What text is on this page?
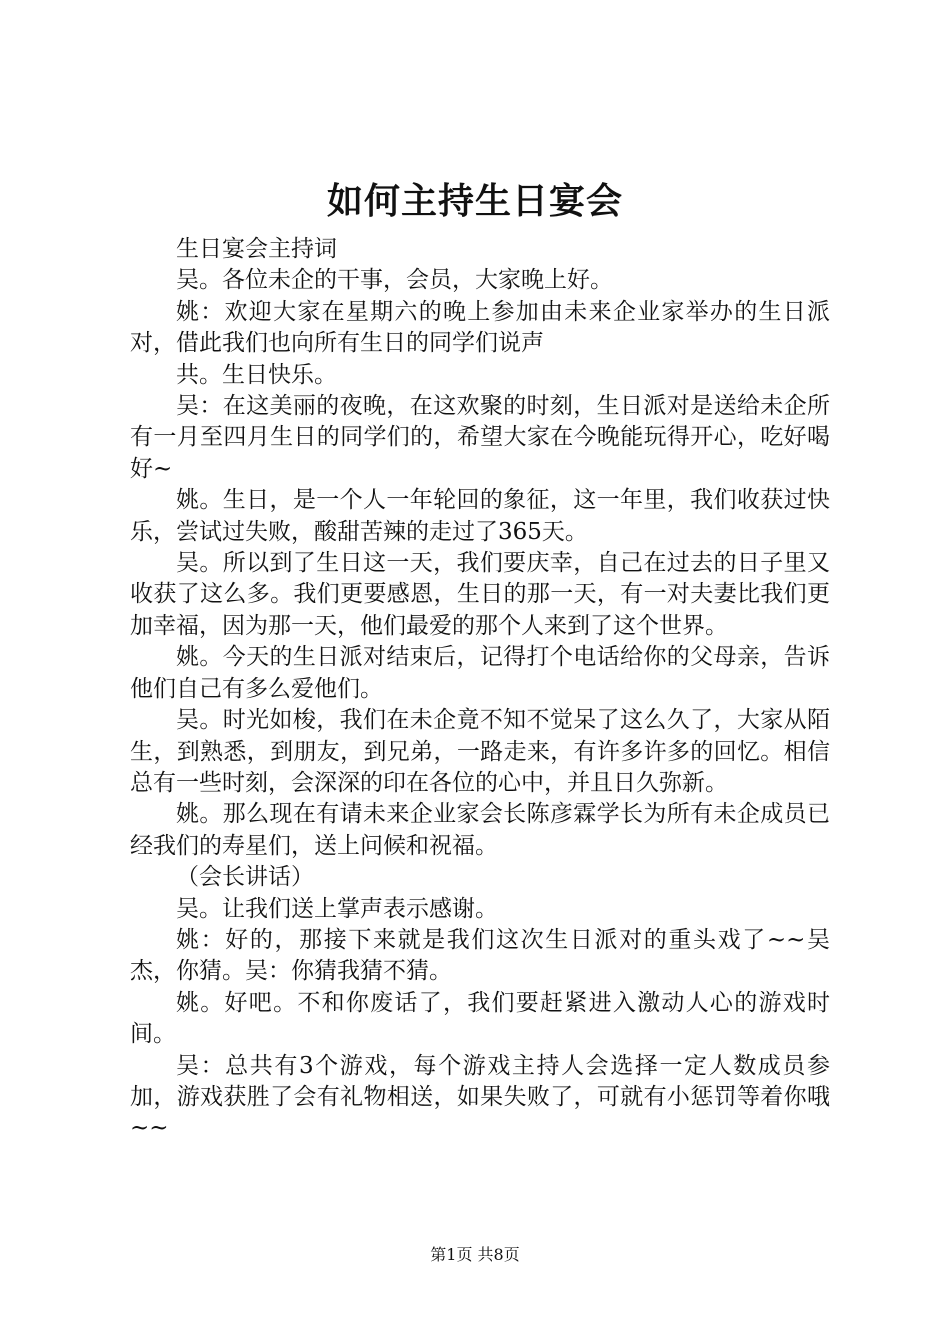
如何主持生日宴会

生日宴会主持词

吴。各位未企的干事，会员，大家晚上好。

姚：欢迎大家在星期六的晚上参加由未来企业家举办的生日派对，借此我们也向所有生日的同学们说声

共。生日快乐。

吴：在这美丽的夜晚，在这欢聚的时刻，生日派对是送给未企所有一月至四月生日的同学们的，希望大家在今晚能玩得开心，吃好喝好~

姚。生日，是一个人一年轮回的象征，这一年里，我们收获过快乐，尝试过失败，酸甜苦辣的走过了365天。

吴。所以到了生日这一天，我们要庆幸，自己在过去的日子里又收获了这么多。我们更要感恩，生日的那一天，有一对夫妻比我们更加幸福，因为那一天，他们最爱的那个人来到了这个世界。

姚。今天的生日派对结束后，记得打个电话给你的父母亲，告诉他们自己有多么爱他们。

吴。时光如梭，我们在未企竟不知不觉呆了这么久了，大家从陌生，到熟悉，到朋友，到兄弟，一路走来，有许多许多的回忆。相信总有一些时刻，会深深的印在各位的心中，并且日久弥新。

姚。那么现在有请未来企业家会长陈彦霖学长为所有未企成员已经我们的寿星们，送上问候和祝福。

（会长讲话）

吴。让我们送上掌声表示感谢。

姚：好的，那接下来就是我们这次生日派对的重头戏了~~吴杰，你猜。吴：你猜我猜不猜。

姚。好吧。不和你废话了，我们要赶紧进入激动人心的游戏时间。

吴：总共有3个游戏，每个游戏主持人会选择一定人数成员参加，游戏获胜了会有礼物相送，如果失败了，可就有小惩罚等着你哦~~

第1页 共8页
